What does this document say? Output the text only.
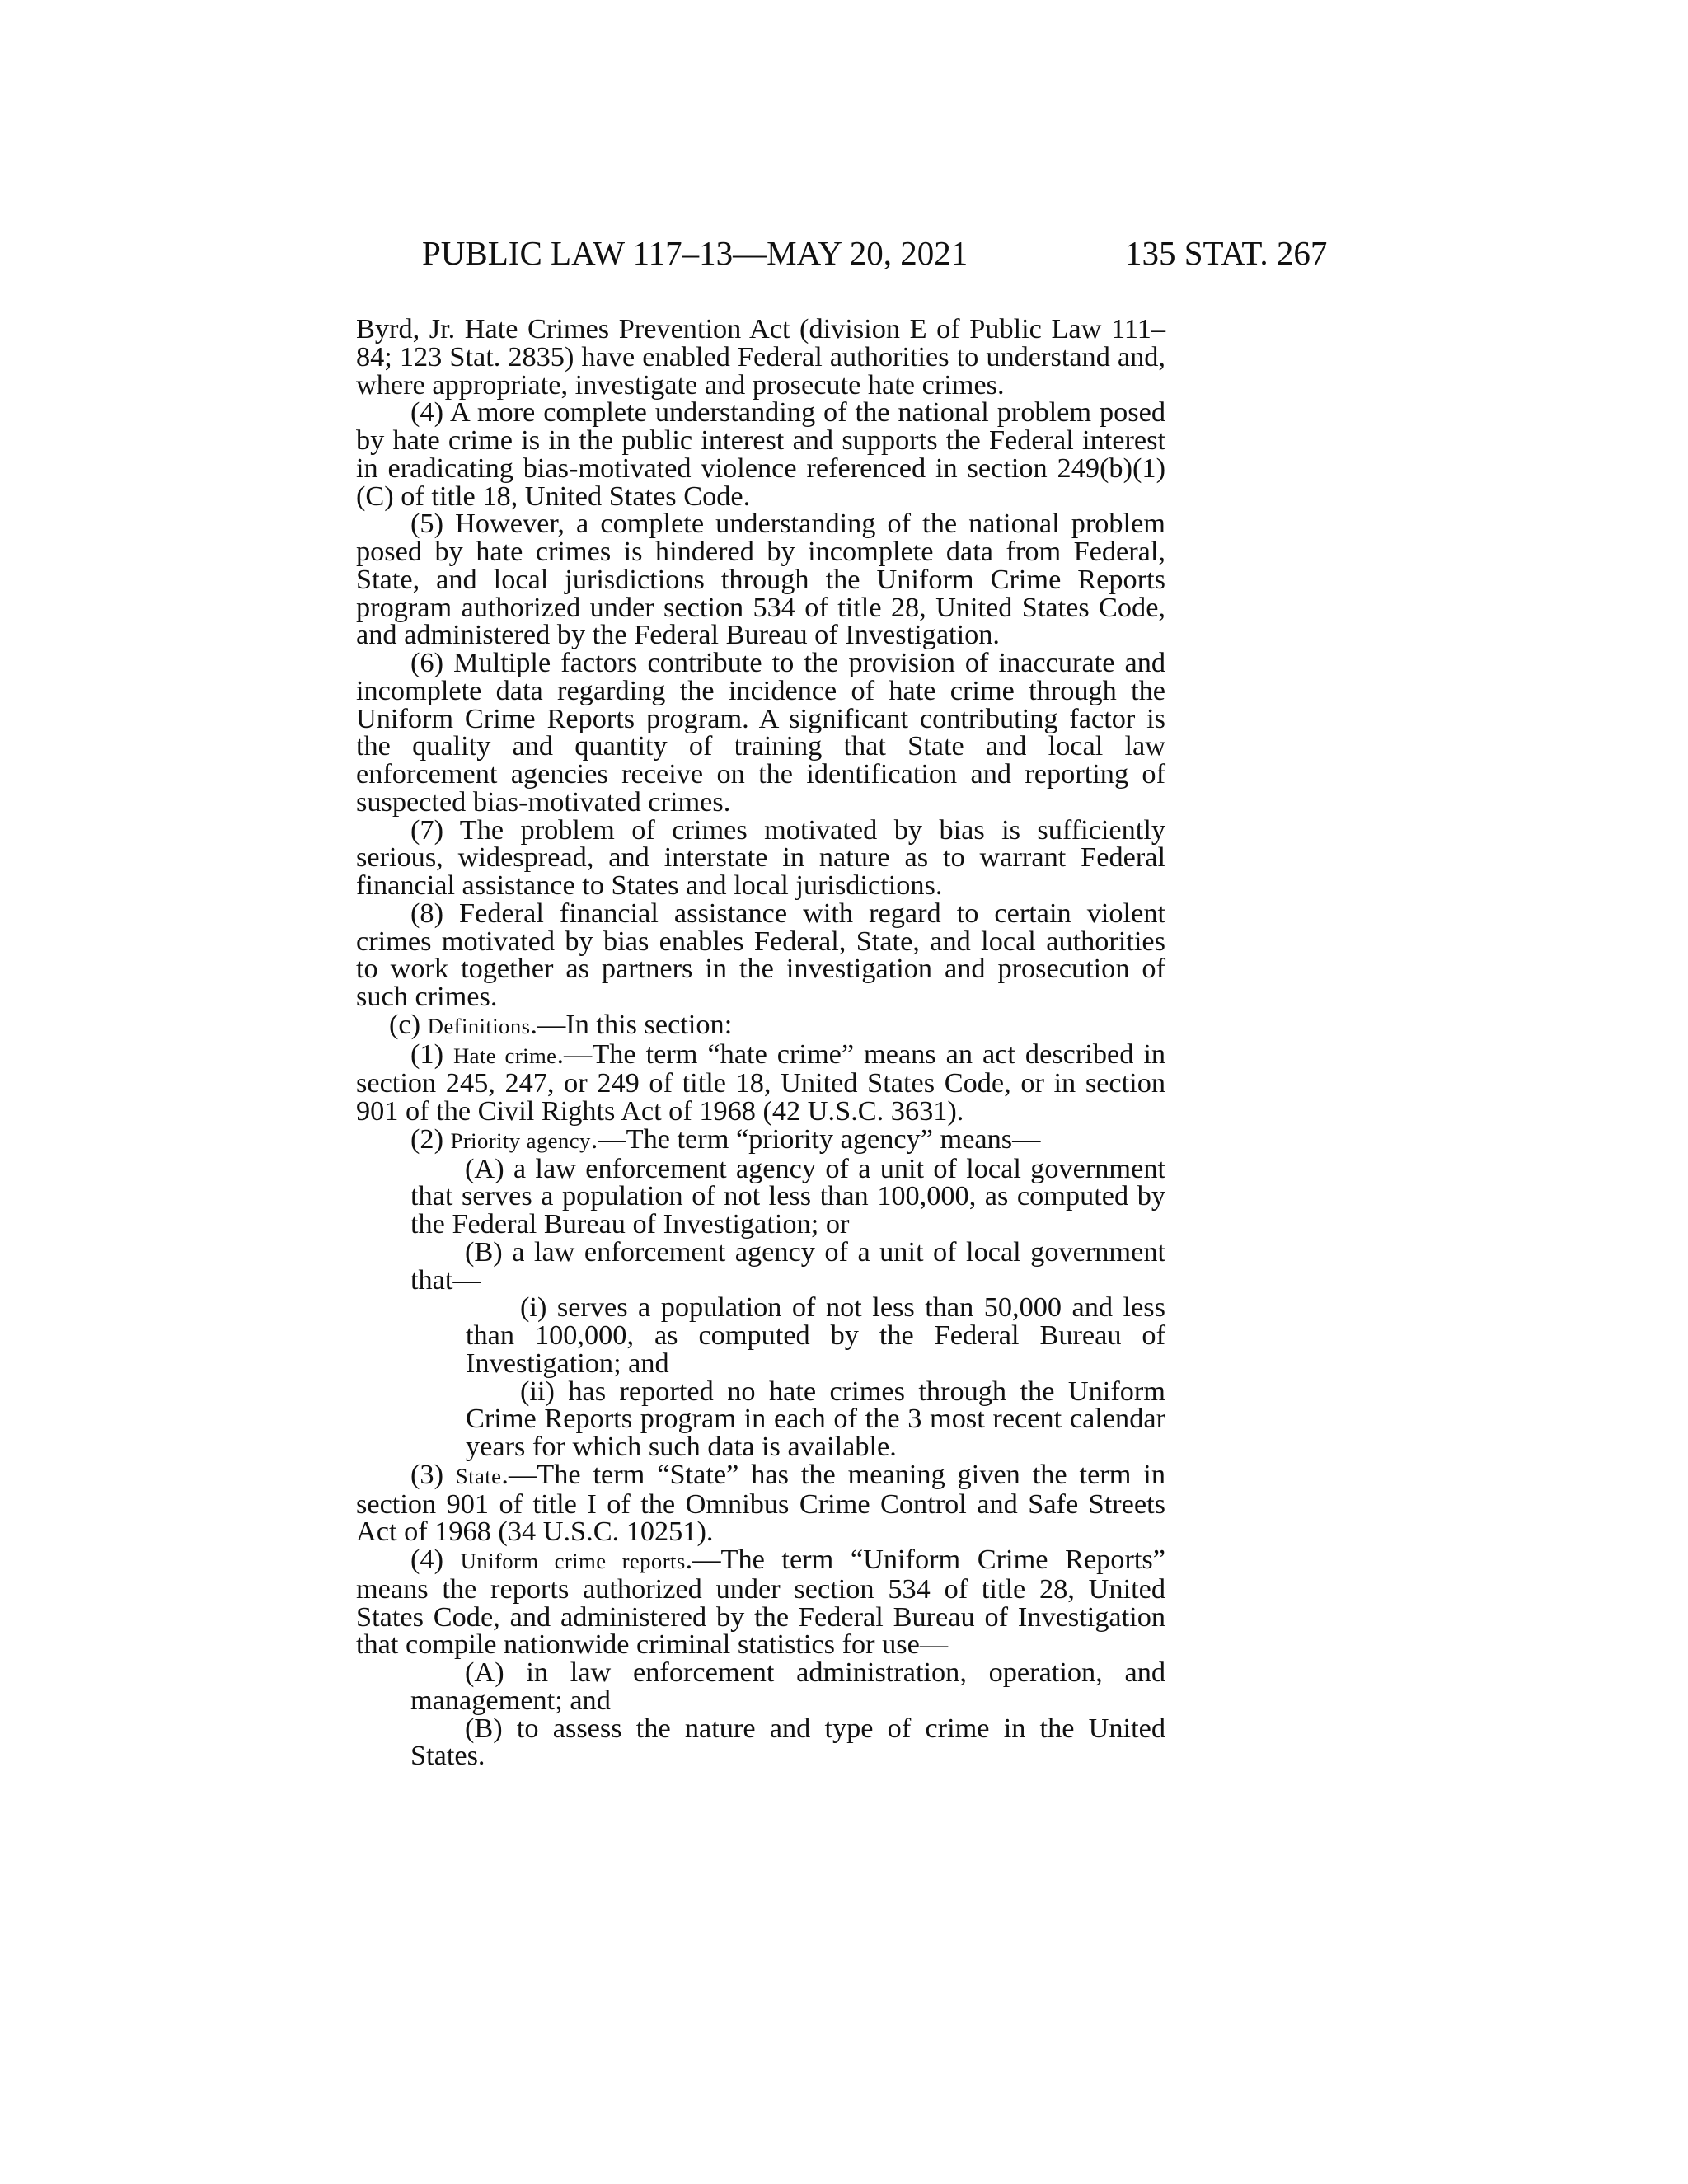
PUBLIC LAW 117–13—MAY 20, 2021	135 STAT. 267

Byrd, Jr. Hate Crimes Prevention Act (division E of Public Law 111–84; 123 Stat. 2835) have enabled Federal authorities to understand and, where appropriate, investigate and prosecute hate crimes.

(4) A more complete understanding of the national problem posed by hate crime is in the public interest and supports the Federal interest in eradicating bias-motivated violence referenced in section 249(b)(1)(C) of title 18, United States Code.

(5) However, a complete understanding of the national problem posed by hate crimes is hindered by incomplete data from Federal, State, and local jurisdictions through the Uniform Crime Reports program authorized under section 534 of title 28, United States Code, and administered by the Federal Bureau of Investigation.

(6) Multiple factors contribute to the provision of inaccurate and incomplete data regarding the incidence of hate crime through the Uniform Crime Reports program. A significant contributing factor is the quality and quantity of training that State and local law enforcement agencies receive on the identification and reporting of suspected bias-motivated crimes.

(7) The problem of crimes motivated by bias is sufficiently serious, widespread, and interstate in nature as to warrant Federal financial assistance to States and local jurisdictions.

(8) Federal financial assistance with regard to certain violent crimes motivated by bias enables Federal, State, and local authorities to work together as partners in the investigation and prosecution of such crimes.

(c) Definitions.—In this section:

(1) Hate crime.—The term “hate crime” means an act described in section 245, 247, or 249 of title 18, United States Code, or in section 901 of the Civil Rights Act of 1968 (42 U.S.C. 3631).

(2) Priority agency.—The term “priority agency” means—

(A) a law enforcement agency of a unit of local government that serves a population of not less than 100,000, as computed by the Federal Bureau of Investigation; or

(B) a law enforcement agency of a unit of local government that—

(i) serves a population of not less than 50,000 and less than 100,000, as computed by the Federal Bureau of Investigation; and

(ii) has reported no hate crimes through the Uniform Crime Reports program in each of the 3 most recent calendar years for which such data is available.

(3) State.—The term “State” has the meaning given the term in section 901 of title I of the Omnibus Crime Control and Safe Streets Act of 1968 (34 U.S.C. 10251).

(4) Uniform crime reports.—The term “Uniform Crime Reports” means the reports authorized under section 534 of title 28, United States Code, and administered by the Federal Bureau of Investigation that compile nationwide criminal statistics for use—

(A) in law enforcement administration, operation, and management; and

(B) to assess the nature and type of crime in the United States.
